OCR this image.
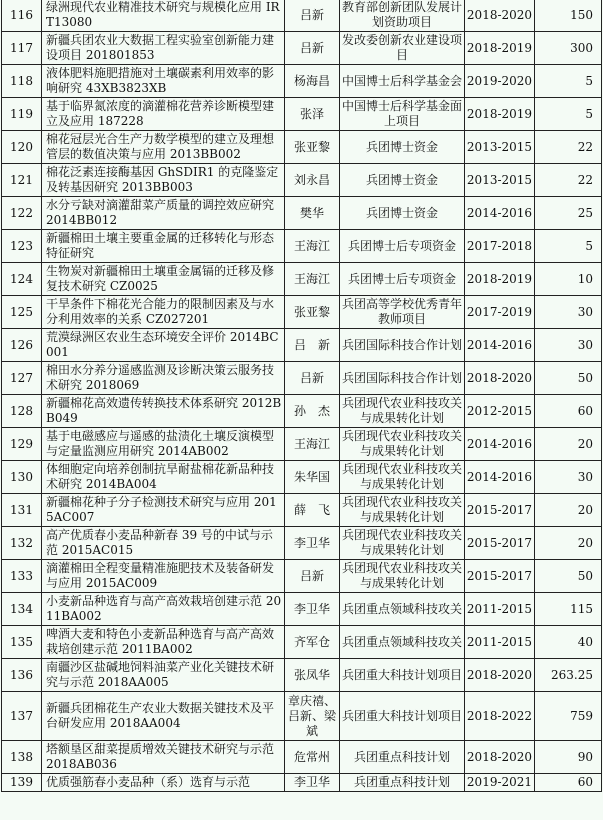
116	绿洲现代农业精准技术研究与规模化应用 IRT13080	吕新	教育部创新团队发展计划资助项目	2018-2020	150

117	新疆兵团农业大数据工程实验室创新能力建设项目 201801853	吕新	发改委创新农业建设项目	2018-2019	300

118	液体肥料施肥措施对土壤碳素利用效率的影响研究 43XB3823XB	杨海昌	中国博士后科学基金会	2019-2020	5

119	基于临界氮浓度的滴灌棉花营养诊断模型建立及应用 187228	张泽	中国博士后科学基金面上项目	2018-2019	5

120	棉花冠层光合生产力数学模型的建立及理想管层的数值决策与应用 2013BB002	张亚黎	兵团博士资金	2013-2015	22

121	棉花泛素连接酶基因 GhSDIR1 的克隆鉴定及转基因研究 2013BB003	刘永昌	兵团博士资金	2013-2015	22

122	水分亏缺对滴灌甜菜产质量的调控效应研究 2014BB012	樊华	兵团博士资金	2014-2016	25

123	新疆棉田土壤主要重金属的迁移转化与形态特征研究	王海江	兵团博士后专项资金	2017-2018	5

124	生物炭对新疆棉田土壤重金属镉的迁移及修复技术研究 CZ0025	王海江	兵团博士后专项资金	2018-2019	10

125	干旱条件下棉花光合能力的限制因素及与水分利用效率的关系 CZ027201	张亚黎	兵团高等学校优秀青年教师项目	2017-2019	30

126	荒漠绿洲区农业生态环境安全评价 2014BC001	吕　新	兵团国际科技合作计划	2014-2016	30

127	棉田水分养分遥感监测及诊断决策云服务技术研究 2018069	吕新	兵团国际科技合作计划	2018-2020	50

128	新疆棉花高效遗传转换技术体系研究 2012BB049	孙　杰	兵团现代农业科技攻关与成果转化计划	2012-2015	60

129	基于电磁感应与遥感的盐渍化土壤反演模型与定量监测应用研究 2014AB002	王海江	兵团现代农业科技攻关与成果转化计划	2014-2016	20

130	体细胞定向培养创制抗旱耐盐棉花新品种技术研究 2014BA004	朱华国	兵团现代农业科技攻关与成果转化计划	2014-2016	30

131	新疆棉花种子分子检测技术研究与应用 2015AC007	薛　飞	兵团现代农业科技攻关与成果转化计划	2015-2017	20

132	高产优质春小麦品种新春 39 号的中试与示范 2015AC015	李卫华	兵团现代农业科技攻关与成果转化计划	2015-2017	20

133	滴灌棉田全程变量精准施肥技术及装备研发与应用 2015AC009	吕新	兵团现代农业科技攻关与成果转化计划	2015-2017	50

134	小麦新品种选育与高产高效栽培创建示范 2011BA002	李卫华	兵团重点领域科技攻关	2011-2015	115

135	啤酒大麦和特色小麦新品种选育与高产高效栽培创建示范 2011BA002	齐军仓	兵团重点领域科技攻关	2011-2015	40

136	南疆沙区盐碱地饲料油菜产业化关键技术研究与示范 2018AA005	张凤华	兵团重大科技计划项目	2018-2020	263.25

137	新疆兵团棉花生产农业大数据关键技术及平台研发应用 2018AA004	章庆禧、吕新、梁斌	兵团重大科技计划项目	2018-2022	759

138	塔额垦区甜菜提质增效关键技术研究与示范 2018AB036	危常州	兵团重点科技计划	2018-2020	90

139	优质强筋春小麦品种（系）选育与示范	李卫华	兵团重点科技计划	2019-2021	60
